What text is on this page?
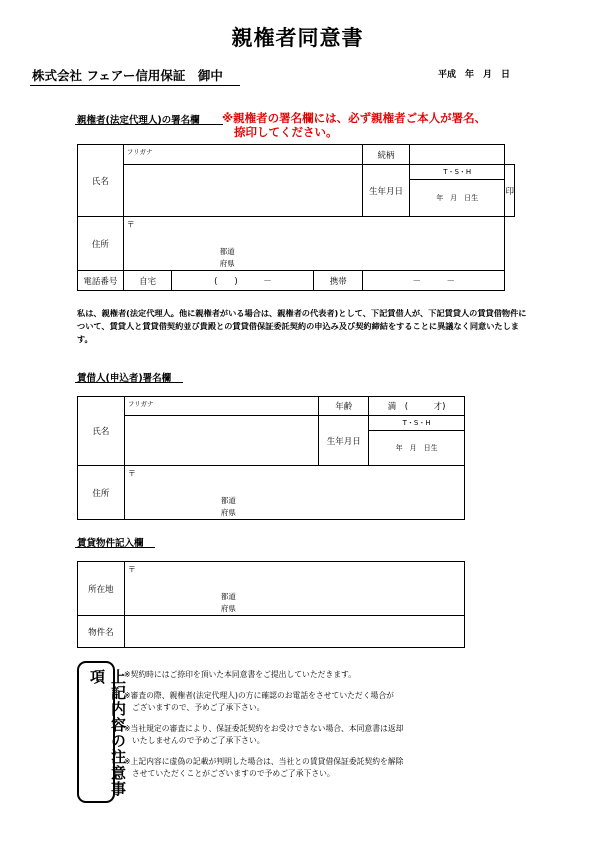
親権者同意書
株式会社 フェアー信用保証　御中	平成　年　月　日
親権者(法定代理人)の署名欄 ※親権者の署名欄には、必ず親権者ご本人が署名、
捺印してください。
氏名	フリガナ			続柄		
				生年月日	T・S・H
年　月　日生	印
住所	〒
都道
府県					

電話番号	自宅	(　　)　　　－	携帯	－　　　－		
私は、親権者(法定代理人。他に親権者がいる場合は、親権者の代表者)として、下記賃借人が、下記賃貸人の賃貸借物件について、賃貸人と賃貸借契約並び貴殿との賃貸借保証委託契約の申込み及び契約締結をすることに異議なく同意いたします。
賃借人(申込者)署名欄
氏名	フリガナ	年齢	満　(　　　才)
		生年月日	T・S・H
年　月　日生

住所	〒
都道
府県		
賃貸物件記入欄
所在地	〒
都道
府県

物件名	
上記内容の注意事項	※契約時にはご捺印を頂いた本同意書をご提出していただきます。

※審査の際、親権者(法定代理人)の方に確認のお電話をさせていただく場合が
ございますので、予めご了承下さい。

※当社規定の審査により、保証委託契約をお受けできない場合、本同意書は返却
いたしませんので予めご了承下さい。

※上記内容に虚偽の記載が判明した場合は、当社との賃貸借保証委託契約を解除
させていただくことがございますので予めご了承下さい。
